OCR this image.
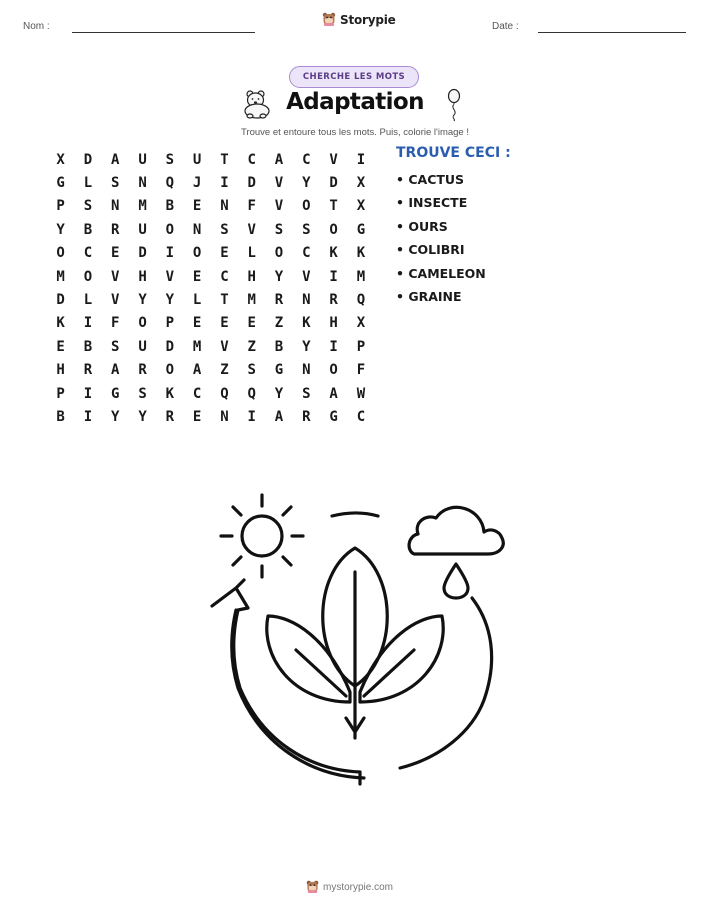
Nom :	Storypie	Date :
CHERCHE LES MOTS
Adaptation
Trouve et entoure tous les mots. Puis, colorie l'image !
X	D	A	U	S	U	T	C	A	C	V	I
G	L	S	N	Q	J	I	D	V	Y	D	X
P	S	N	M	B	E	N	F	V	O	T	X
Y	B	R	U	O	N	S	V	S	S	O	G
O	C	E	D	I	O	E	L	O	C	K	K
M	O	V	H	V	E	C	H	Y	V	I	M
D	L	V	Y	Y	L	T	M	R	N	R	Q
K	I	F	O	P	E	E	E	Z	K	H	X
E	B	S	U	D	M	V	Z	B	Y	I	P
H	R	A	R	O	A	Z	S	G	N	O	F
P	I	G	S	K	C	Q	Q	Y	S	A	W
B	I	Y	Y	R	E	N	I	A	R	G	C
TROUVE CECI :
• CACTUS
• INSECTE
• OURS
• COLIBRI
• CAMELEON
• GRAINE
mystorypie.com
